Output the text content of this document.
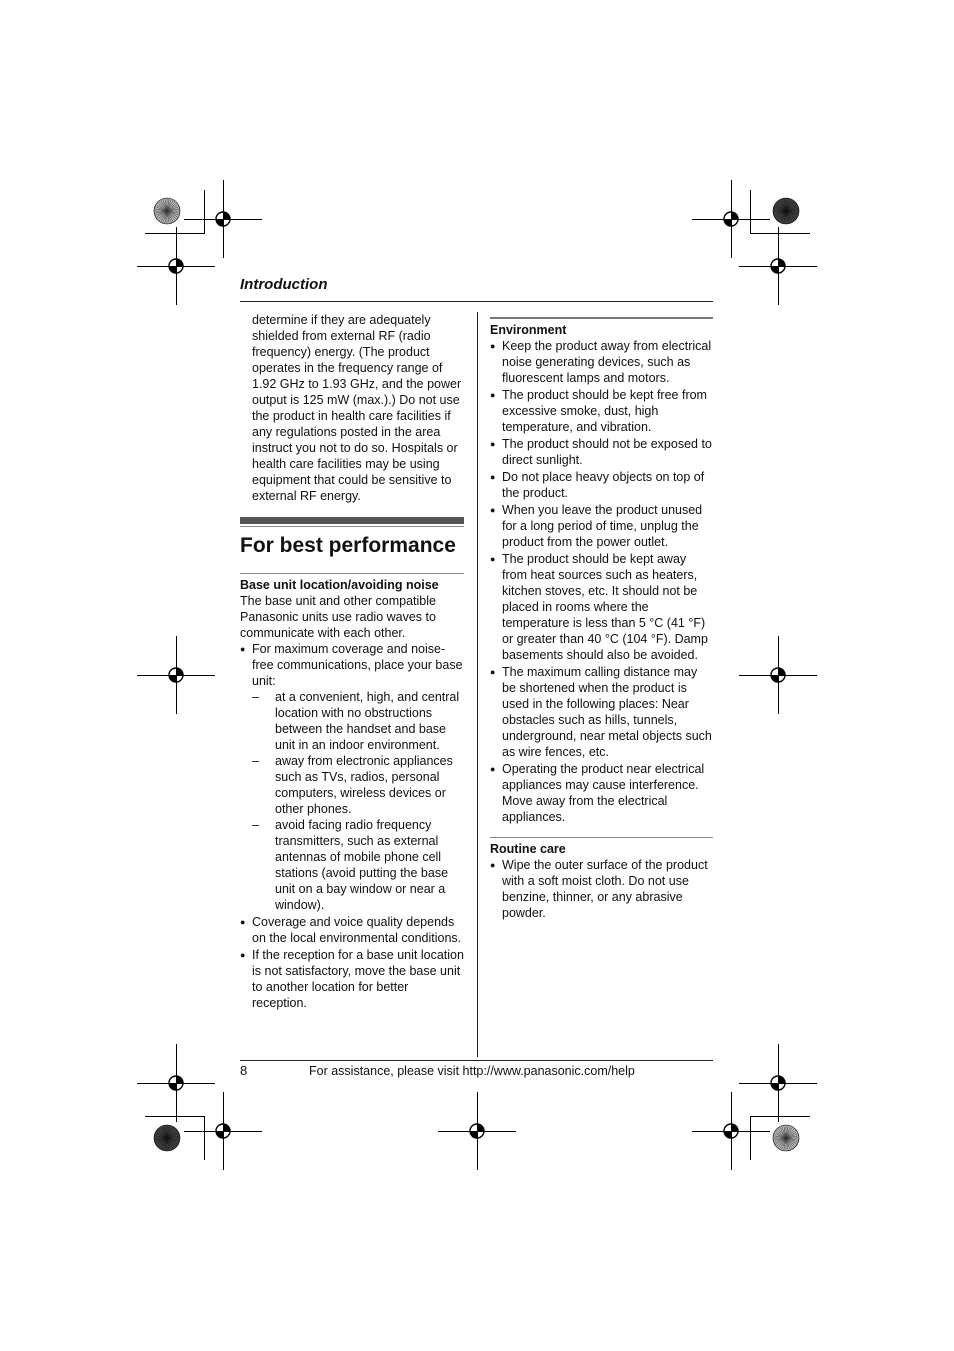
Introduction

determine if they are adequately shielded from external RF (radio frequency) energy. (The product operates in the frequency range of 1.92 GHz to 1.93 GHz, and the power output is 125 mW (max.).) Do not use the product in health care facilities if any regulations posted in the area instruct you not to do so. Hospitals or health care facilities may be using equipment that could be sensitive to external RF energy.

For best performance
Base unit location/avoiding noise

The base unit and other compatible Panasonic units use radio waves to communicate with each other.

● For maximum coverage and noise-free communications, place your base unit:
– at a convenient, high, and central location with no obstructions between the handset and base unit in an indoor environment.
– away from electronic appliances such as TVs, radios, personal computers, wireless devices or other phones.
– avoid facing radio frequency transmitters, such as external antennas of mobile phone cell stations (avoid putting the base unit on a bay window or near a window).
● Coverage and voice quality depends on the local environmental conditions.
● If the reception for a base unit location is not satisfactory, move the base unit to another location for better reception.
Environment
● Keep the product away from electrical noise generating devices, such as fluorescent lamps and motors.
● The product should be kept free from excessive smoke, dust, high temperature, and vibration.
● The product should not be exposed to direct sunlight.
● Do not place heavy objects on top of the product.
● When you leave the product unused for a long period of time, unplug the product from the power outlet.
● The product should be kept away from heat sources such as heaters, kitchen stoves, etc. It should not be placed in rooms where the temperature is less than 5 °C (41 °F) or greater than 40 °C (104 °F). Damp basements should also be avoided.
● The maximum calling distance may be shortened when the product is used in the following places: Near obstacles such as hills, tunnels, underground, near metal objects such as wire fences, etc.
● Operating the product near electrical appliances may cause interference. Move away from the electrical appliances.
Routine care
● Wipe the outer surface of the product with a soft moist cloth. Do not use benzine, thinner, or any abrasive powder.
8	For assistance, please visit http://www.panasonic.com/help
